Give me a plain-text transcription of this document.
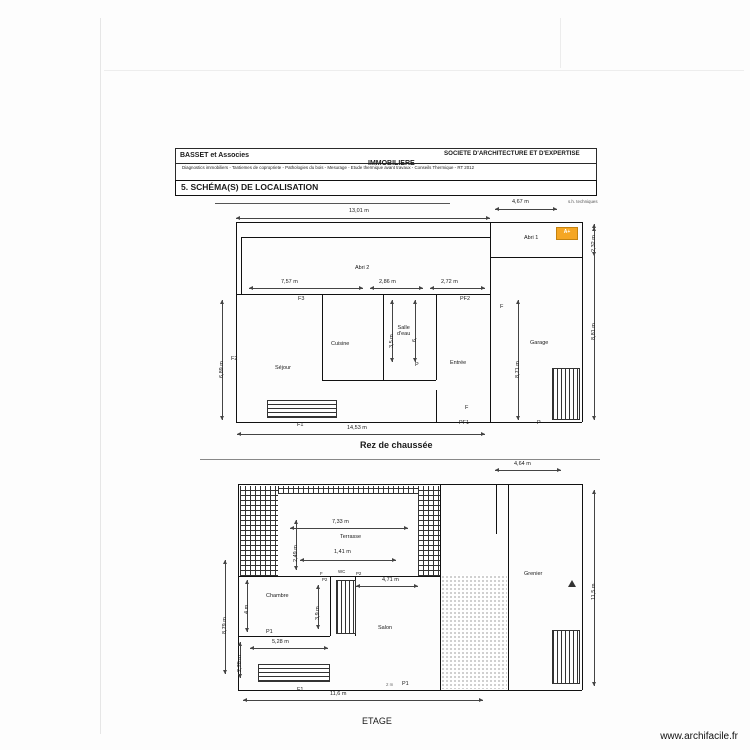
BASSET et Associes
IMMOBILIERE
SOCIETE D'ARCHITECTURE ET D'EXPERTISE
Diagnostics immobiliers - Tantiemes de copropriete - Pathologies du bois - Mesurage - Etude thermique avant travaux - Conseils Thermique - RT 2012
5. SCHÉMA(S) DE LOCALISATION

s.h. techniques
13,01 m
4,67 m
Abri 1
A+
Abri 2
7,57 m	2,86 m	2,72 m
F3	PF2
F2
F1	PF1
F
P
P
F
Cuisine
Salle
d'eau
Séjour
Entrée
Garage
3,5 m	6,
6,89 m	8,71 m
8,81 m
2,32 m
14,53 m
Rez de chaussée
4,64 m
Terrasse
Chambre
Salon
WC	Grenier
7,33 m
2,49 m	1,41 m
4,71 m
3,9 m
4 m
8,79 m
2,78 m
5,28 m
11,6 m
11,5 m
2 m
F
P2
P2
P1
P1
F1
ETAGE
www.archifacile.fr
